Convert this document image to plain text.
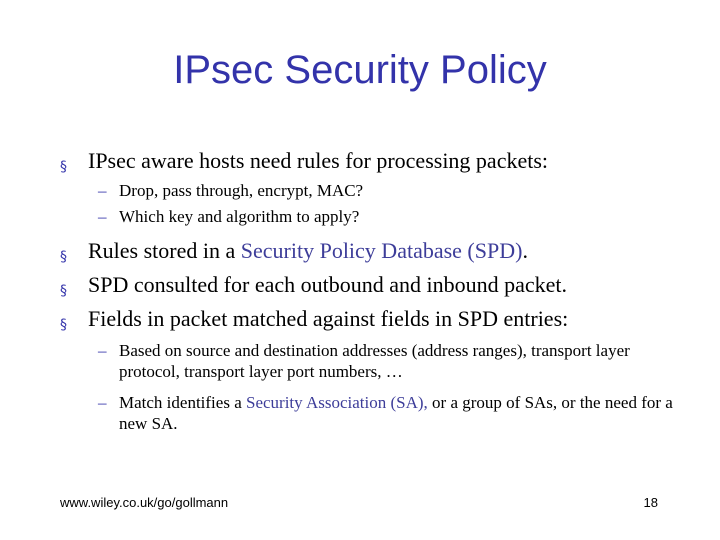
IPsec Security Policy
§ IPsec aware hosts need rules for processing packets:
– Drop, pass through, encrypt, MAC?
– Which key and algorithm to apply?
§ Rules stored in a Security Policy Database (SPD).
§ SPD consulted for each outbound and inbound packet.
§ Fields in packet matched against fields in SPD entries:
– Based on source and destination addresses (address ranges), transport layer protocol, transport layer port numbers, …
– Match identifies a Security Association (SA), or a group of SAs, or the need for a new SA.
www.wiley.co.uk/go/gollmann	18
